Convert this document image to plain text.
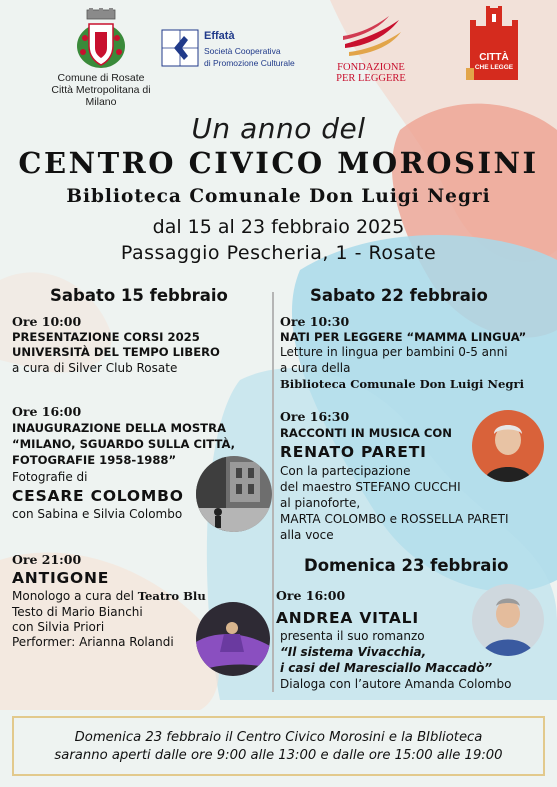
Comune di Rosate
Città Metropolitana di Milano
Effatà
Società Cooperativa
di Promozione Culturale	FONDAZIONE
PER LEGGERE
CITTÀ
CHE LEGGE
Un anno del
CENTRO CIVICO MOROSINI
Biblioteca Comunale Don Luigi Negri
dal 15 al 23 febbraio 2025
Passaggio Pescheria, 1 - Rosate
Sabato 15 febbraio
Ore 10:00
PRESENTAZIONE CORSI 2025
UNIVERSITÀ DEL TEMPO LIBERO
a cura di Silver Club Rosate
Ore 16:00
INAUGURAZIONE DELLA MOSTRA
“MILANO, SGUARDO SULLA CITTÀ,
FOTOGRAFIE 1958-1988”
Fotografie di
CESARE COLOMBO
con Sabina e Silvia Colombo
Ore 21:00
ANTIGONE
Monologo a cura del Teatro Blu
Testo di Mario Bianchi
con Silvia Priori
Performer: Arianna Rolandi
Sabato 22 febbraio
Ore 10:30
NATI PER LEGGERE “MAMMA LINGUA”
Letture in lingua per bambini 0-5 anni
a cura della
Biblioteca Comunale Don Luigi Negri
Ore 16:30
RACCONTI IN MUSICA CON
RENATO PARETI
Con la partecipazione
del maestro STEFANO CUCCHI
al pianoforte,
MARTA COLOMBO e ROSSELLA PARETI
alla voce
Domenica 23 febbraio
Ore 16:00
ANDREA VITALI
presenta il suo romanzo
“Il sistema Vivacchia,
i casi del Maresciallo Maccadò”
Dialoga con l’autore Amanda Colombo
Domenica 23 febbraio il Centro Civico Morosini e la BIblioteca
saranno aperti dalle ore 9:00 alle 13:00 e dalle ore 15:00 alle 19:00
